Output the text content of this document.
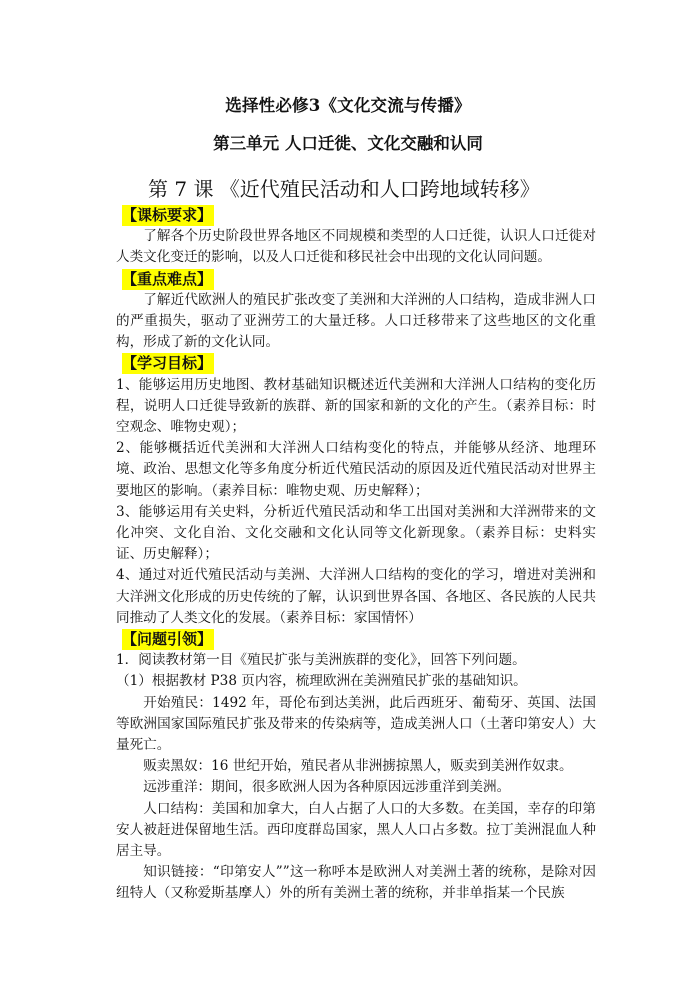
选择性必修3《文化交流与传播》
第三单元 人口迁徙、文化交融和认同
第 7 课 《近代殖民活动和人口跨地域转移》
【课标要求】

了解各个历史阶段世界各地区不同规模和类型的人口迁徙，认识人口迁徙对人类文化变迁的影响，以及人口迁徙和移民社会中出现的文化认同问题。

【重点难点】

了解近代欧洲人的殖民扩张改变了美洲和大洋洲的人口结构，造成非洲人口的严重损失，驱动了亚洲劳工的大量迁移。人口迁移带来了这些地区的文化重构，形成了新的文化认同。

【学习目标】

1、能够运用历史地图、教材基础知识概述近代美洲和大洋洲人口结构的变化历程，说明人口迁徙导致新的族群、新的国家和新的文化的产生。（素养目标：时空观念、唯物史观）；

2、能够概括近代美洲和大洋洲人口结构变化的特点，并能够从经济、地理环境、政治、思想文化等多角度分析近代殖民活动的原因及近代殖民活动对世界主要地区的影响。（素养目标：唯物史观、历史解释）；

3、能够运用有关史料，分析近代殖民活动和华工出国对美洲和大洋洲带来的文化冲突、文化自治、文化交融和文化认同等文化新现象。（素养目标：史料实证、历史解释）；

4、通过对近代殖民活动与美洲、大洋洲人口结构的变化的学习，增进对美洲和大洋洲文化形成的历史传统的了解，认识到世界各国、各地区、各民族的人民共同推动了人类文化的发展。（素养目标：家国情怀）

【问题引领】

1．阅读教材第一目《殖民扩张与美洲族群的变化》，回答下列问题。

（1）根据教材 P38 页内容，梳理欧洲在美洲殖民扩张的基础知识。

开始殖民：1492 年，哥伦布到达美洲，此后西班牙、葡萄牙、英国、法国等欧洲国家国际殖民扩张及带来的传染病等，造成美洲人口（土著印第安人）大量死亡。

贩卖黑奴：16 世纪开始，殖民者从非洲掳掠黑人，贩卖到美洲作奴隶。

远涉重洋：期间，很多欧洲人因为各种原因远涉重洋到美洲。

人口结构：美国和加拿大，白人占据了人口的大多数。在美国，幸存的印第安人被赶进保留地生活。西印度群岛国家，黑人人口占多数。拉丁美洲混血人种居主导。

知识链接：“印第安人””这一称呼本是欧洲人对美洲土著的统称，是除对因纽特人（又称爱斯基摩人）外的所有美洲土著的统称，并非单指某一个民族
